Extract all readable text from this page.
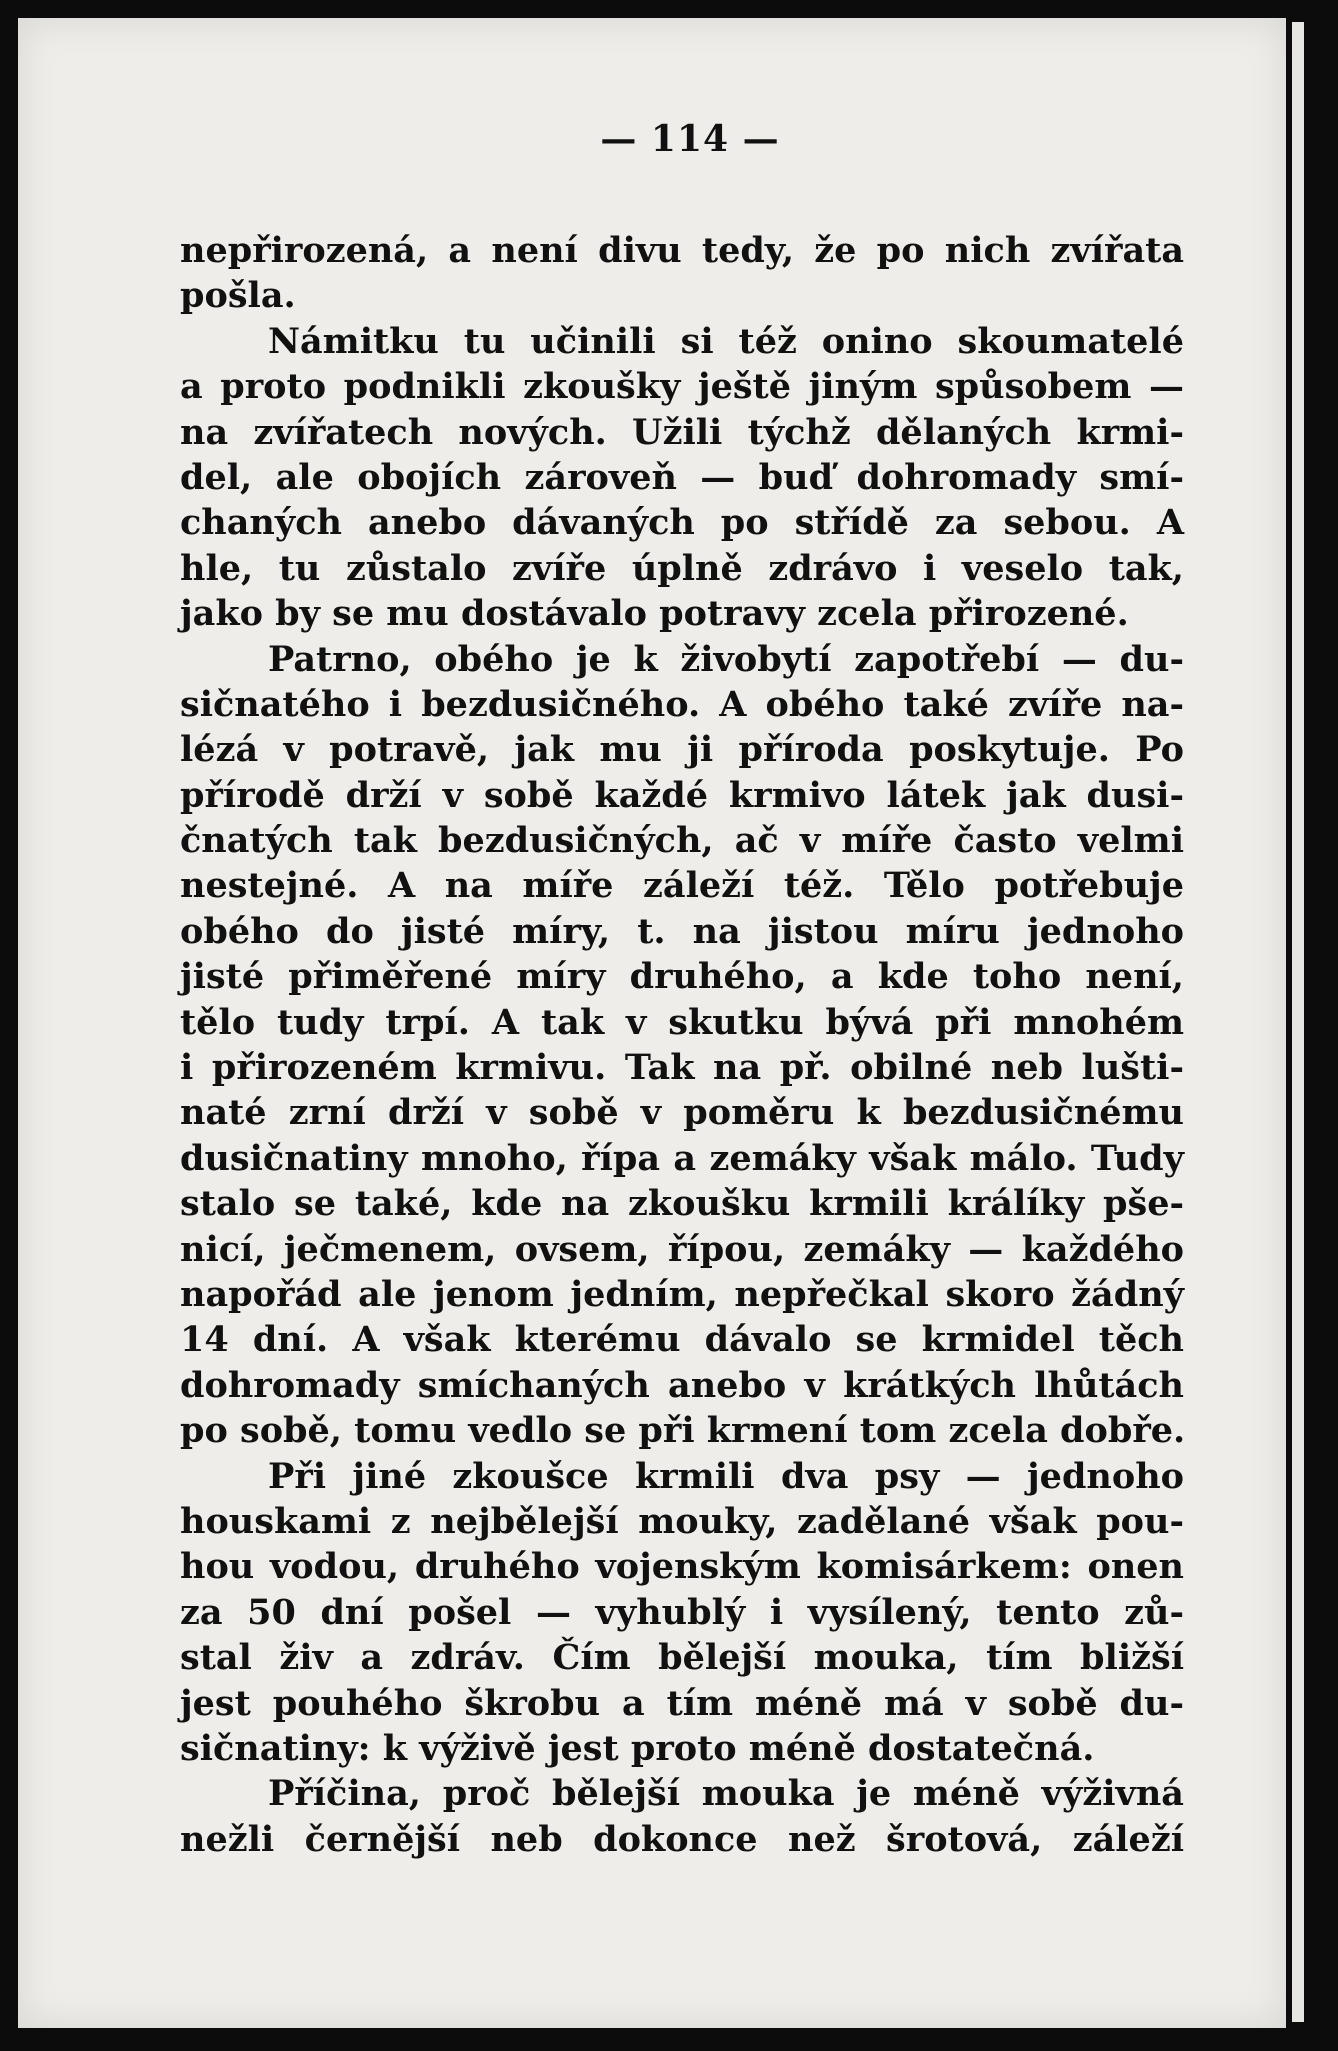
— 114 —
nepřirozená, a není divu tedy, že po nich zvířata
pošla.
Námitku tu učinili si též onino skoumatelé
a proto podnikli zkoušky ještě jiným spůsobem —
na zvířatech nových. Užili týchž dělaných krmi-
del, ale obojích zároveň — buď dohromady smí-
chaných anebo dávaných po střídě za sebou. A
hle, tu zůstalo zvíře úplně zdrávo i veselo tak,
jako by se mu dostávalo potravy zcela přirozené.
Patrno, obého je k živobytí zapotřebí — du-
sičnatého i bezdusičného. A obého také zvíře na-
lézá v potravě, jak mu ji příroda poskytuje. Po
přírodě drží v sobě každé krmivo látek jak dusi-
čnatých tak bezdusičných, ač v míře často velmi
nestejné. A na míře záleží též. Tělo potřebuje
obého do jisté míry, t. na jistou míru jednoho
jisté přiměřené míry druhého, a kde toho není,
tělo tudy trpí. A tak v skutku bývá při mnohém
i přirozeném krmivu. Tak na př. obilné neb lušti-
naté zrní drží v sobě v poměru k bezdusičnému
dusičnatiny mnoho, řípa a zemáky však málo. Tudy
stalo se také, kde na zkoušku krmili králíky pše-
nicí, ječmenem, ovsem, řípou, zemáky — každého
napořád ale jenom jedním, nepřečkal skoro žádný
14 dní. A však kterému dávalo se krmidel těch
dohromady smíchaných anebo v krátkých lhůtách
po sobě, tomu vedlo se při krmení tom zcela dobře.
Při jiné zkoušce krmili dva psy — jednoho
houskami z nejbělejší mouky, zadělané však pou-
hou vodou, druhého vojenským komisárkem: onen
za 50 dní pošel — vyhublý i vysílený, tento zů-
stal živ a zdráv. Čím bělejší mouka, tím bližší
jest pouhého škrobu a tím méně má v sobě du-
sičnatiny: k výživě jest proto méně dostatečná.
Příčina, proč bělejší mouka je méně výživná
nežli černější neb dokonce než šrotová, záleží
